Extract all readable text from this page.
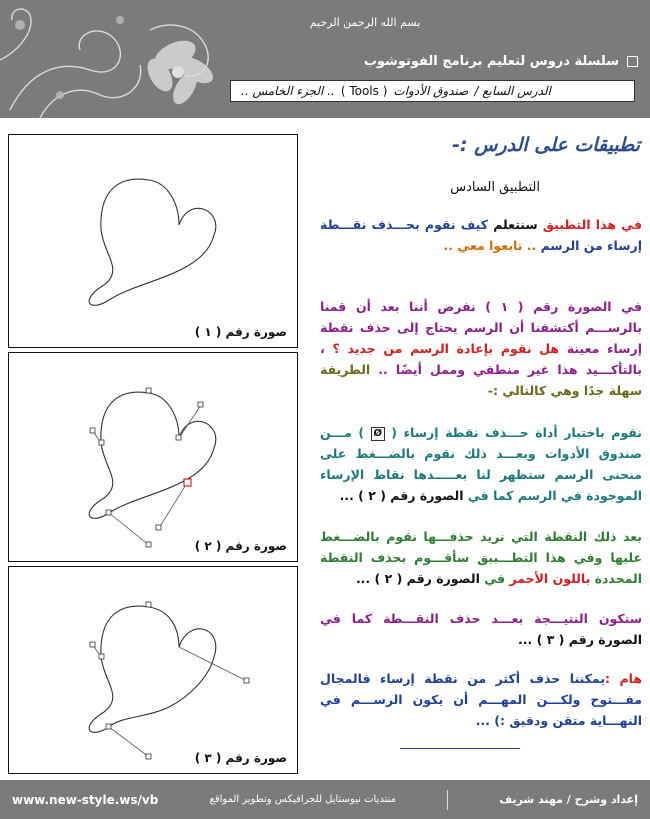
بسم الله الرحمن الرحيم
سلسلة دروس لتعليم برنامج الفوتوشوب
الدرس السابع /
صندوق الأدوات
( Tools )
.. الجزء الخامس ..
صورة رقم ( ١ )
صورة رقم ( ٢ )
صورة رقم ( ٣ )
تطبيقات على الدرس :-
التطبيق السادس
في هذا التطبيق سنتعلم كيف نقوم بحـــذف نقـــطة إرساء من الرسم .. تابعوا معي ..
في الصورة رقم ( ١ ) نفرض أننا بعد أن قمنا بالرســـم أكتشفنا أن الرسم يحتاج إلى حذف نقطة إرساء معينة هل نقوم بإعادة الرسم من جديد ؟ ، بالتأكـــيد هذا غير منطقي وممل أيضًا .. الطريقة سهلة جدًا وهي كالتالي :-
نقوم باختيار أداة حـــذف نقطة إرساء ( Ø ) مـــن صندوق الأدوات وبعـــد ذلك نقوم بالضـــغط على منحنى الرسم ستظهر لنا بعـــــدها نقاط الإرساء الموجودة في الرسم كما في الصورة رقم ( ٢ ) ...
بعد ذلك النقطة التي نريد حذفـــها نقوم بالضـــغط عليها وفي هذا التطـــبيق سأقـــوم بحذف النقطة المحددة باللون الأحمر في الصورة رقم ( ٢ ) ...
ستكون النتيـــجة بعـــد حذف النقـــطة كما في الصورة رقم ( ٣ ) ...
هام :يمكننا حذف أكثر من نقطة إرساء فالمجال مفـــتوح ولكـــن المهـــم أن يكون الرســـم في النهـــاية متقن ودقيق :) ...
www.new-style.ws/vb	منتديات نيوستايل للجرافيكس وتطوير المواقع	إعداد وشرح / مهند شريف
